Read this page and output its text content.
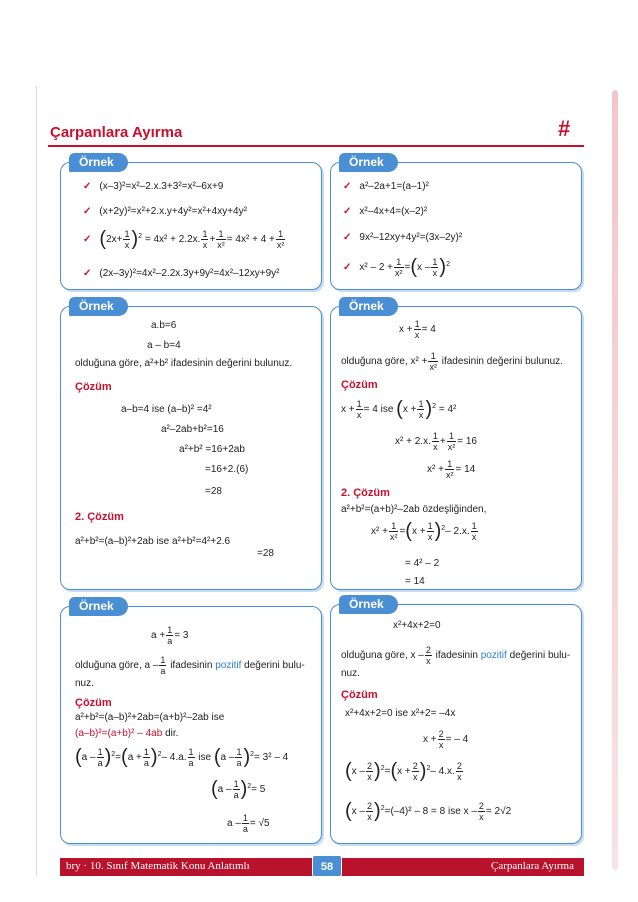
Çarpanlara Ayırma	#
Örnek
✓ (x–3)²=x²–2.x.3+3²=x²–6x+9
✓ (x+2y)²=x²+2.x.y+4y²=x²+4xy+4y²
✓ $(2x+ \frac{1}{x} )^2 = 4x^2 + 2.2x$. $\frac{1}{x} + \frac{1}{\text{x²}} = 4x^2 + 4 + \frac{1}{\text{x²}}$
✓ (2x–3y)²=4x²–2.2x.3y+9y²=4x²–12xy+9y²
Örnek
✓ a²–2a+1=(a–1)²
✓ x²–4x+4=(x–2)²
✓ 9x²–12xy+4y²=(3x–2y)²
✓ $x^2 - 2 + \frac{1}{\text{x²}} =(x - \frac{1}{x} )^2$
Örnek
a.b=6
a – b=4
olduğuna göre, a²+b² ifadesinin değerini bulunuz.
Çözüm
a–b=4 ise (a–b)² =4²
a²–2ab+b²=16
a²+b² =16+2ab
=16+2.(6)
=28
2. Çözüm
a²+b²=(a–b)²+2ab ise a²+b²=4²+2.6
=28
Örnek
$x + \frac{1}{x} = 4$
olduğuna göre, $x^2 + \frac{1}{\text{x²}}$ ifadesinin değerini bulunuz.
Çözüm
$x + \frac{1}{x} = 4$ ise $(x + \frac{1}{x} )^2 = 4^2$
x² + 2.x. $\frac{1}{x} + \frac{1}{\text{x²}} = 16$
$x^2 + \frac{1}{\text{x²}} = 14$
2. Çözüm
a²+b²=(a+b)²–2ab özdeşliğinden,
$x^2 + \frac{1}{\text{x²}} =(x + \frac{1}{x} )^2-$ 2.x. $\frac{1}{x}$
= 4² – 2
= 14
Örnek
$a + \frac{1}{a} = 3$
olduğuna göre, a – $\frac{1}{a}$ ifadesinin pozitif değerini bulu-
nuz.
Çözüm
a²+b²=(a–b)²+2ab=(a+b)²–2ab ise
(a–b)²=(a+b)² – 4ab dir.
$(a - \frac{1}{a} )^2=(a + \frac{1}{a} )^2-$ 4.a. $\frac{1}{a}$ ise $(a - \frac{1}{a} )^2= 3^2 - 4$
$(a - \frac{1}{a} )^2= 5$
$a - \frac{1}{a} = √5$
Örnek
x²+4x+2=0
olduğuna göre, x – $\frac{2}{x}$ ifadesinin pozitif değerini bulu-
nuz.
Çözüm
x²+4x+2=0 ise x²+2= –4x
$x + \frac{2}{x}$ = – 4
$(x - \frac{2}{x} )^2=(x + \frac{2}{x} )^2-$ 4.x. $\frac{2}{x}$
$(x - \frac{2}{x} )^2=(-4)^2 - 8 = 8$ ise $x - \frac{2}{x} = 2√2$
bry · 10. Sınıf Matematik Konu Anlatımlı	Çarpanlara Ayırma
58
